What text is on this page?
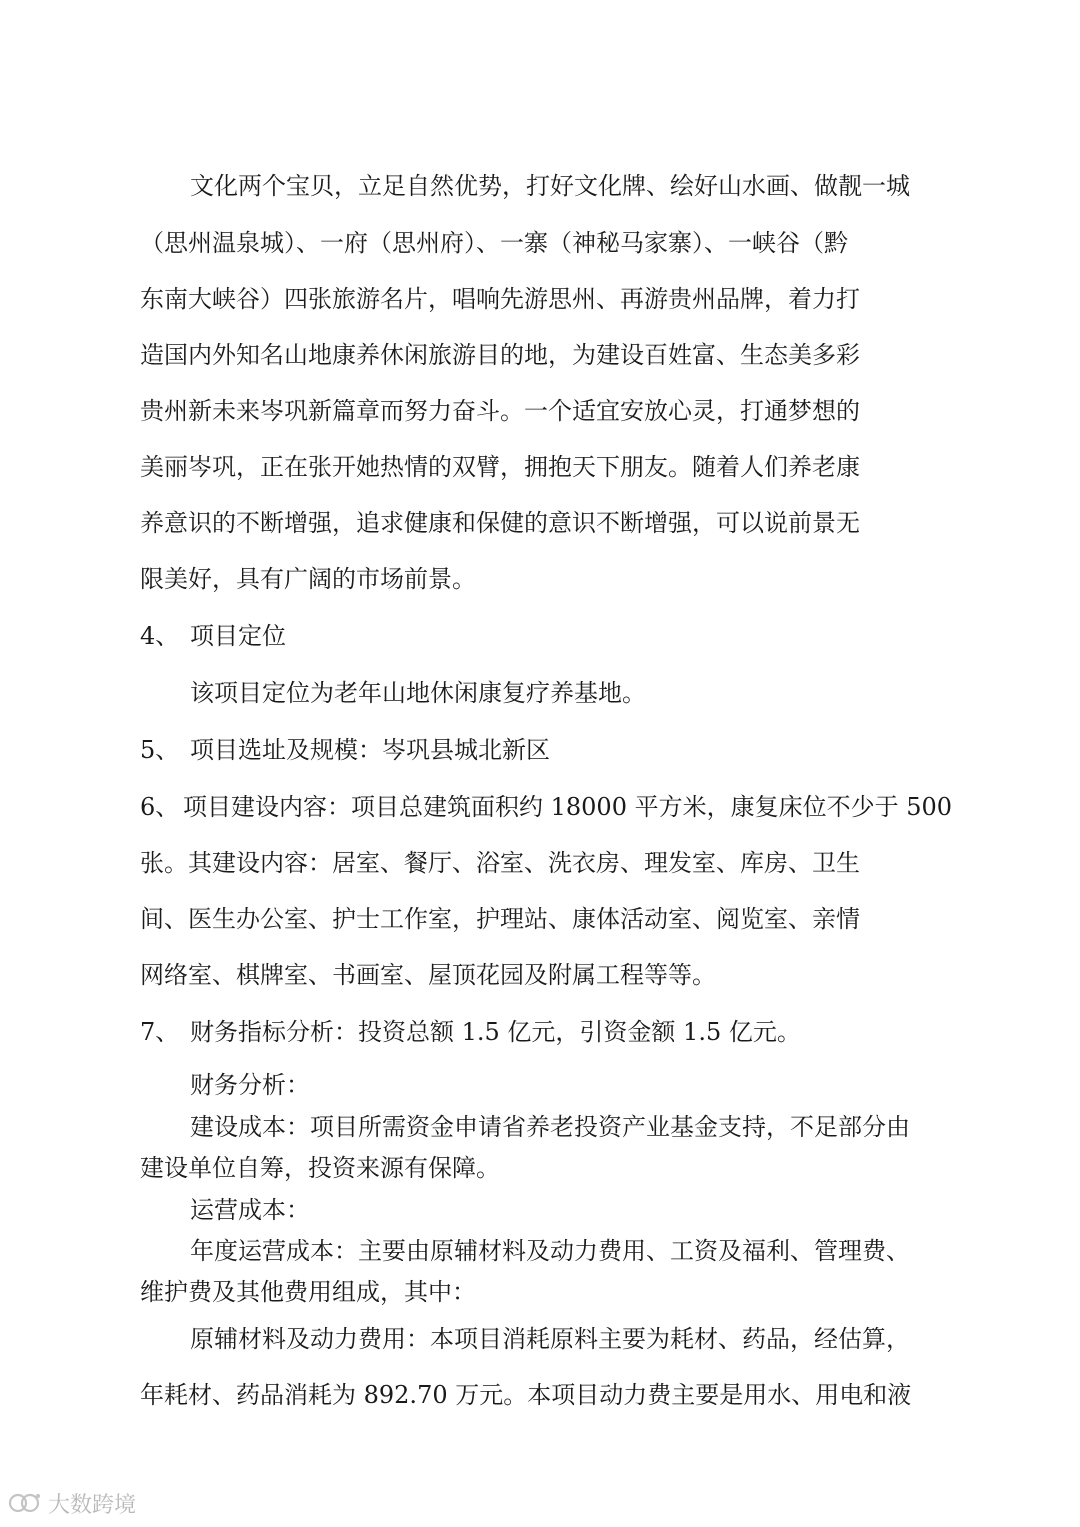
文化两个宝贝，立足自然优势，打好文化牌、绘好山水画、做靓一城
（思州温泉城）、一府（思州府）、一寨（神秘马家寨）、一峡谷（黔
东南大峡谷）四张旅游名片，唱响先游思州、再游贵州品牌，着力打
造国内外知名山地康养休闲旅游目的地，为建设百姓富、生态美多彩
贵州新未来岑巩新篇章而努力奋斗。一个适宜安放心灵，打通梦想的
美丽岑巩，正在张开她热情的双臂，拥抱天下朋友。随着人们养老康
养意识的不断增强，追求健康和保健的意识不断增强，可以说前景无
限美好，具有广阔的市场前景。
4、 项目定位
该项目定位为老年山地休闲康复疗养基地。
5、 项目选址及规模：岑巩县城北新区
6、 项目建设内容：项目总建筑面积约 18000 平方米，康复床位不少于 500
张。其建设内容：居室、餐厅、浴室、洗衣房、理发室、库房、卫生
间、医生办公室、护士工作室，护理站、康体活动室、阅览室、亲情
网络室、棋牌室、书画室、屋顶花园及附属工程等等。
7、 财务指标分析：投资总额 1.5 亿元，引资金额 1.5 亿元。
财务分析：
建设成本：项目所需资金申请省养老投资产业基金支持，不足部分由
建设单位自筹，投资来源有保障。
运营成本：
年度运营成本：主要由原辅材料及动力费用、工资及福利、管理费、
维护费及其他费用组成，其中：
原辅材料及动力费用：本项目消耗原料主要为耗材、药品，经估算，
年耗材、药品消耗为 892.70 万元。本项目动力费主要是用水、用电和液
大数跨境
